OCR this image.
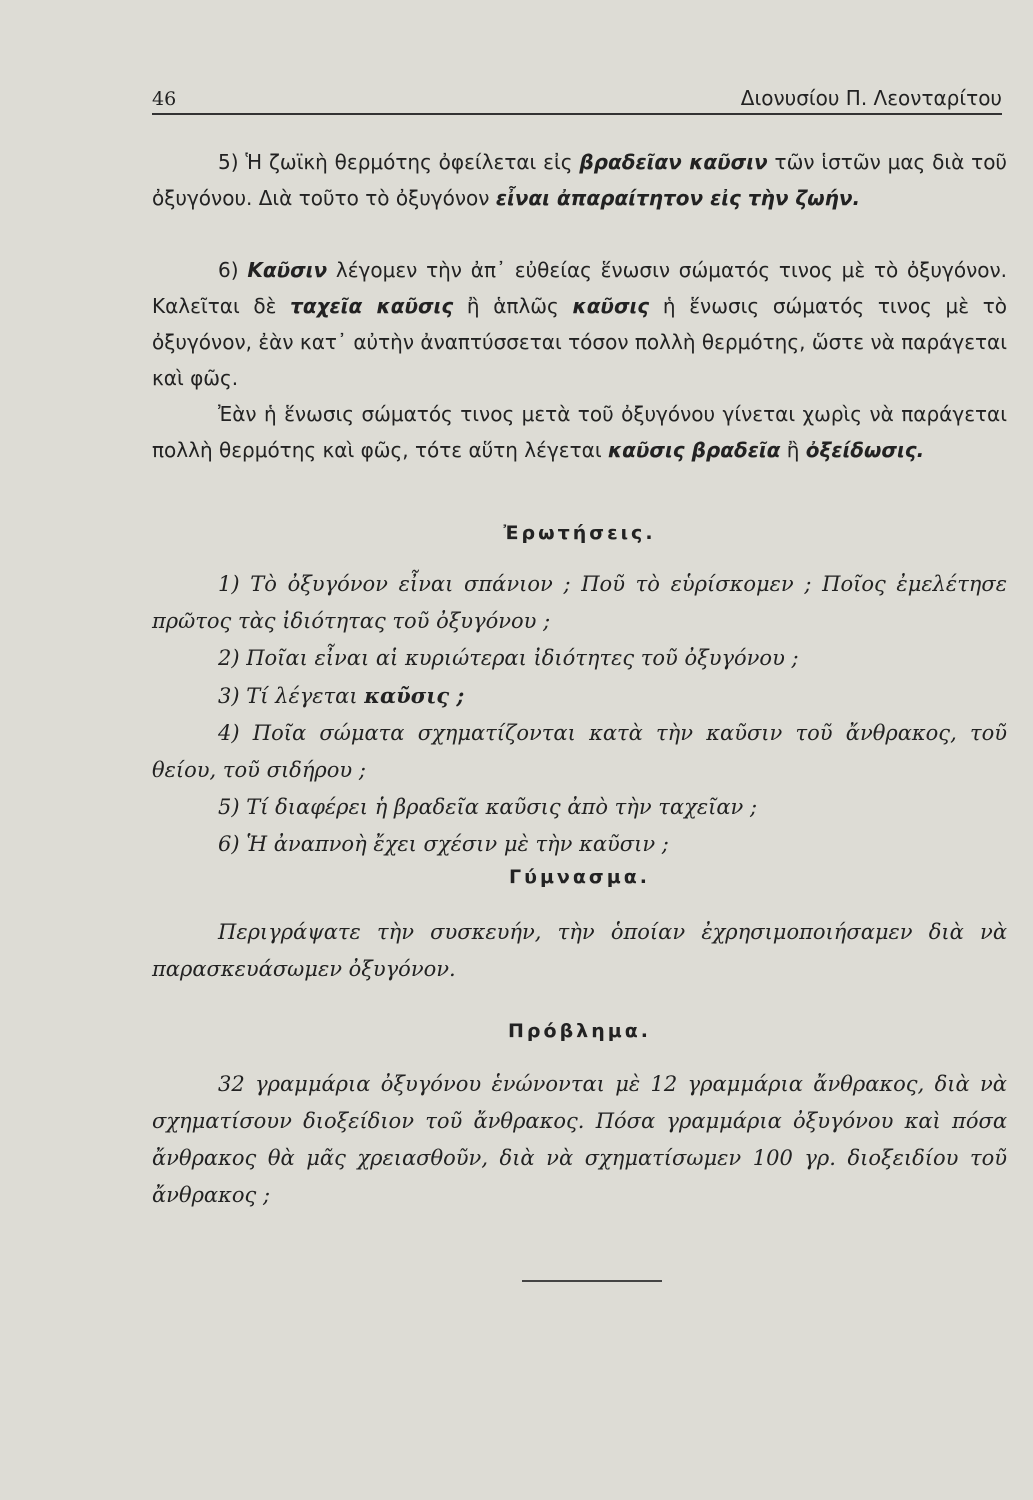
46	Διονυσίου Π. Λεονταρίτου

5) Ἡ ζωϊκὴ θερμότης ὀφείλεται εἰς βραδεῖαν καῦσιν τῶν ἱστῶν μας διὰ τοῦ ὀξυγόνου. Διὰ τοῦτο τὸ ὀξυγόνον εἶναι ἀπαραίτητον εἰς τὴν ζωήν.

6) Καῦσιν λέγομεν τὴν ἀπ᾽ εὐθείας ἕνωσιν σώματός τινος μὲ τὸ ὀξυγόνον. Καλεῖται δὲ ταχεῖα καῦσις ἢ ἁπλῶς καῦσις ἡ ἕνωσις σώματός τινος μὲ τὸ ὀξυγόνον, ἐὰν κατ᾽ αὐτὴν ἀναπτύσσεται τόσον πολλὴ θερμότης, ὥστε νὰ παράγεται καὶ φῶς.

Ἐὰν ἡ ἕνωσις σώματός τινος μετὰ τοῦ ὀξυγόνου γίνεται χωρὶς νὰ παράγεται πολλὴ θερμότης καὶ φῶς, τότε αὕτη λέγεται καῦσις βραδεῖα ἢ ὀξείδωσις.

Ἐρωτήσεις.

1) Τὸ ὀξυγόνον εἶναι σπάνιον ; Ποῦ τὸ εὑρίσκομεν ; Ποῖος ἐμελέτησε πρῶτος τὰς ἰδιότητας τοῦ ὀξυγόνου ;

2) Ποῖαι εἶναι αἱ κυριώτεραι ἰδιότητες τοῦ ὀξυγόνου ;

3) Τί λέγεται καῦσις ;

4) Ποῖα σώματα σχηματίζονται κατὰ τὴν καῦσιν τοῦ ἄνθρακος, τοῦ θείου, τοῦ σιδήρου ;

5) Τί διαφέρει ἡ βραδεῖα καῦσις ἀπὸ τὴν ταχεῖαν ;

6) Ἡ ἀναπνοὴ ἔχει σχέσιν μὲ τὴν καῦσιν ;

Γύμνασμα.

Περιγράψατε τὴν συσκευήν, τὴν ὁποίαν ἐχρησιμοποιήσαμεν διὰ νὰ παρασκευάσωμεν ὀξυγόνον.

Πρόβλημα.

32 γραμμάρια ὀξυγόνου ἑνώνονται μὲ 12 γραμμάρια ἄνθρακος, διὰ νὰ σχηματίσουν διοξείδιον τοῦ ἄνθρακος. Πόσα γραμμάρια ὀξυγόνου καὶ πόσα ἄνθρακος θὰ μᾶς χρειασθοῦν, διὰ νὰ σχηματίσωμεν 100 γρ. διοξειδίου τοῦ ἄνθρακος ;
